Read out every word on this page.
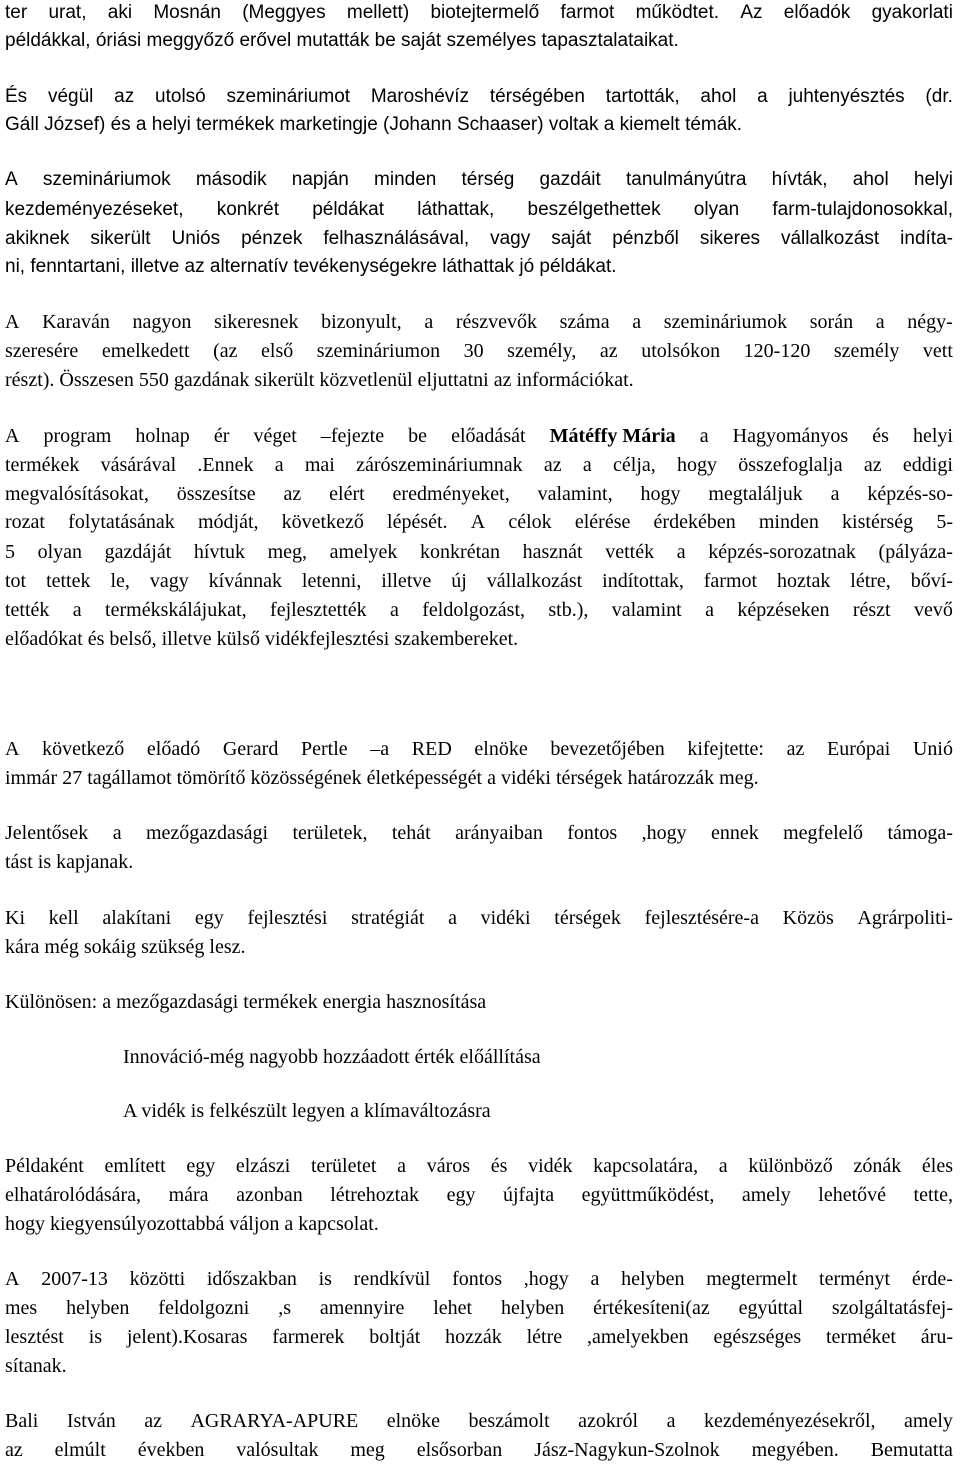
ter urat, aki Mosnán (Meggyes mellett) biotejtermelő farmot működtet. Az előadók gyakorlati
példákkal, óriási meggyőző erővel mutatták be saját személyes tapasztalataikat.
És végül az utolsó szemináriumot Maroshévíz térségében tartották, ahol a juhtenyésztés (dr.
Gáll József) és a helyi termékek marketingje (Johann Schaaser) voltak a kiemelt témák.
A szemináriumok második napján minden térség gazdáit tanulmányútra hívták, ahol helyi
kezdeményezéseket, konkrét példákat láthattak, beszélgethettek olyan farm-tulajdonosokkal,
akiknek sikerült Uniós pénzek felhasználásával, vagy saját pénzből sikeres vállalkozást indíta-
ni, fenntartani, illetve az alternatív tevékenységekre láthattak jó példákat.
A Karaván nagyon sikeresnek bizonyult, a részvevők száma a szemináriumok során a négy-
szeresére emelkedett (az első szemináriumon 30 személy, az utolsókon 120-120 személy vett
részt). Összesen 550 gazdának sikerült közvetlenül eljuttatni az információkat.
A program holnap ér véget –fejezte be előadását Mátéffy Mária a Hagyományos és helyi
termékek vásárával .Ennek a mai zárószemináriumnak az a célja, hogy összefoglalja az eddigi
megvalósításokat, összesítse az elért eredményeket, valamint, hogy megtaláljuk a képzés-so-
rozat folytatásának módját, következő lépését. A célok elérése érdekében minden kistérség 5-
5 olyan gazdáját hívtuk meg, amelyek konkrétan hasznát vették a képzés-sorozatnak (pályáza-
tot tettek le, vagy kívánnak letenni, illetve új vállalkozást indítottak, farmot hoztak létre, bőví-
tették a termékskálájukat, fejlesztették a feldolgozást, stb.), valamint a képzéseken részt vevő
előadókat és belső, illetve külső vidékfejlesztési szakembereket.
A következő előadó Gerard Pertle –a RED elnöke bevezetőjében kifejtette: az Európai Unió
immár 27 tagállamot tömörítő közösségének életképességét a vidéki térségek határozzák meg.
Jelentősek a mezőgazdasági területek, tehát arányaiban fontos ,hogy ennek megfelelő támoga-
tást is kapjanak.
Ki kell alakítani egy fejlesztési stratégiát a vidéki térségek fejlesztésére-a Közös Agrárpoliti-
kára még sokáig szükség lesz.
Különösen: a mezőgazdasági termékek energia hasznosítása
Innováció-még nagyobb hozzáadott érték előállítása
A vidék is felkészült legyen a klímaváltozásra
Példaként említett egy elzászi területet a város és vidék kapcsolatára, a különböző zónák éles
elhatárolódására, mára azonban létrehoztak egy újfajta együttműködést, amely lehetővé tette,
hogy kiegyensúlyozottabbá váljon a kapcsolat.
A 2007-13 közötti időszakban is rendkívül fontos ,hogy a helyben megtermelt terményt érde-
mes helyben feldolgozni ,s amennyire lehet helyben értékesíteni(az egyúttal szolgáltatásfej-
lesztést is jelent).Kosaras farmerek boltját hozzák létre ,amelyekben egészséges terméket áru-
sítanak.
Bali István az AGRARYA-APURE elnöke beszámolt azokról a kezdeményezésekről, amely
az elmúlt években valósultak meg elsősorban Jász-Nagykun-Szolnok megyében. Bemutatta
